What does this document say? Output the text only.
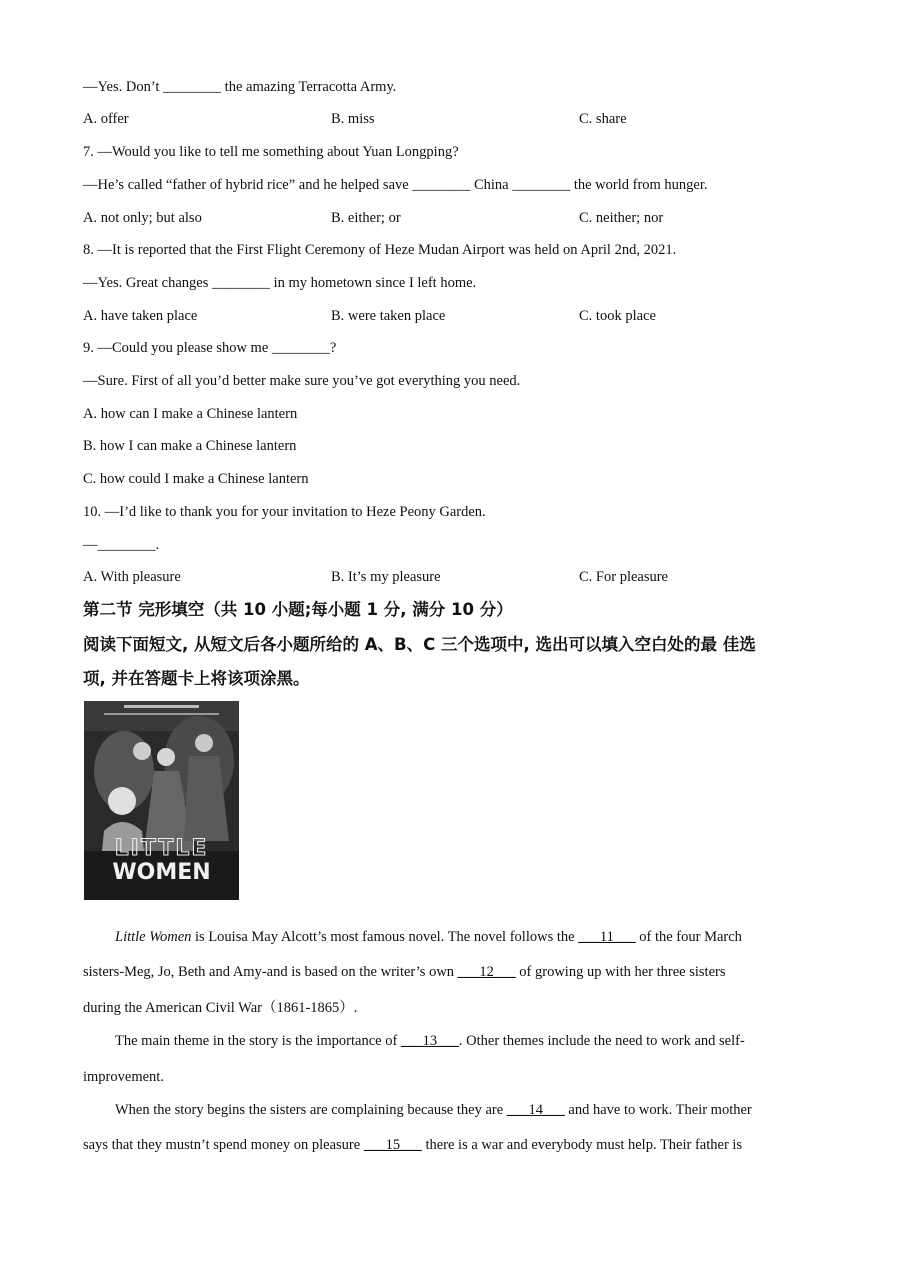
—Yes. Don’t ________ the amazing Terracotta Army.
A. offer	B. miss	C. share
7. —Would you like to tell me something about Yuan Longping?
—He’s called “father of hybrid rice” and he helped save ________ China ________ the world from hunger.
A. not only; but also	B. either; or	C. neither; nor
8. —It is reported that the First Flight Ceremony of Heze Mudan Airport was held on April 2nd, 2021.
—Yes. Great changes ________ in my hometown since I left home.
A. have taken place	B. were taken place	C. took place
9. —Could you please show me ________?
—Sure. First of all you’d better make sure you’ve got everything you need.
A. how can I make a Chinese lantern
B. how I can make a Chinese lantern
C. how could I make a Chinese lantern
10. —I’d like to thank you for your invitation to Heze Peony Garden.
—________.
A. With pleasure	B. It’s my pleasure	C. For pleasure
第二节 完形填空（共 10 小题;每小题 1 分, 满分 10 分）
阅读下面短文, 从短文后各小题所给的 A、B、C 三个选项中, 选出可以填入空白处的最 佳选
项, 并在答题卡上将该项涂黑。
LITTLE
WOMEN
Little Women is Louisa May Alcott’s most famous novel. The novel follows the ___11___ of the four March
sisters-Meg, Jo, Beth and Amy-and is based on the writer’s own ___12___ of growing up with her three sisters
during the American Civil War（1861-1865）.
The main theme in the story is the importance of ___13___. Other themes include the need to work and self-
improvement.
When the story begins the sisters are complaining because they are ___14___ and have to work. Their mother
says that they mustn’t spend money on pleasure ___15___ there is a war and everybody must help. Their father is
